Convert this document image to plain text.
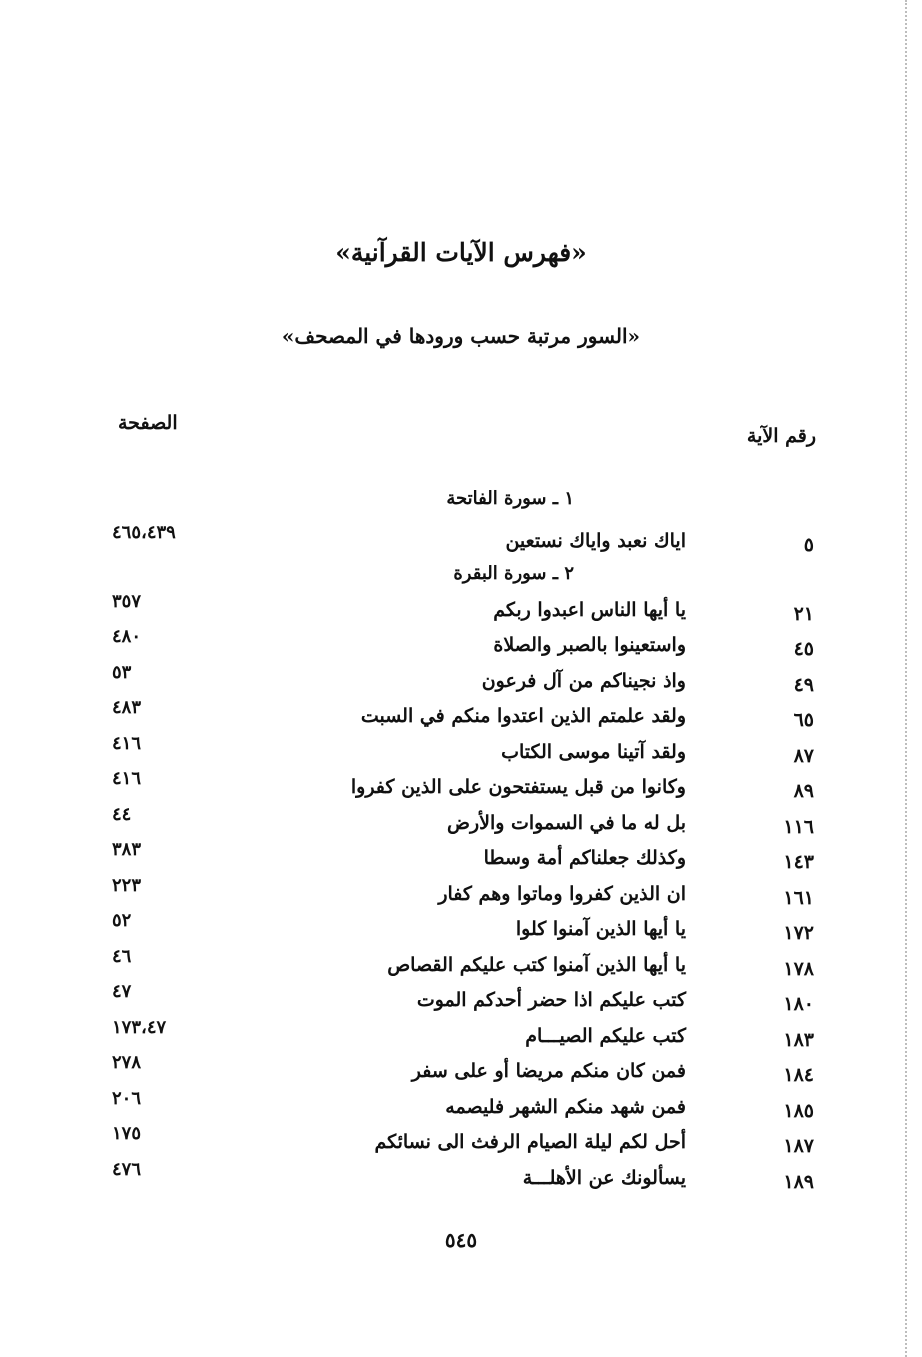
«فهرس الآيات القرآنية»
«السور مرتبة حسب ورودها في المصحف»
رقم الآية
الصفحة
١ ـ سورة الفاتحة
٥
اياك نعبد واياك نستعين
٤٦٥،٤٣٩
٢ ـ سورة البقرة
٢١
يا أيها الناس اعبدوا ربكم
٣٥٧
٤٥
واستعينوا بالصبر والصلاة
٤٨٠
٤٩
واذ نجيناكم من آل فرعون
٥٣
٦٥
ولقد علمتم الذين اعتدوا منكم في السبت
٤٨٣
٨٧
ولقد آتينا موسى الكتاب
٤١٦
٨٩
وكانوا من قبل يستفتحون على الذين كفروا
٤١٦
١١٦
بل له ما في السموات والأرض
٤٤
١٤٣
وكذلك جعلناكم أمة وسطا
٣٨٣
١٦١
ان الذين كفروا وماتوا وهم كفار
٢٢٣
١٧٢
يا أيها الذين آمنوا كلوا
٥٢
١٧٨
يا أيها الذين آمنوا كتب عليكم القصاص
٤٦
١٨٠
كتب عليكم اذا حضر أحدكم الموت
٤٧
١٨٣
كتب عليكم الصيـــام
١٧٣،٤٧
١٨٤
فمن كان منكم مريضا أو على سفر
٢٧٨
١٨٥
فمن شهد منكم الشهر فليصمه
٢٠٦
١٨٧
أحل لكم ليلة الصيام الرفث الى نسائكم
١٧٥
١٨٩
يسألونك عن الأهلـــة
٤٧٦
٥٤٥
